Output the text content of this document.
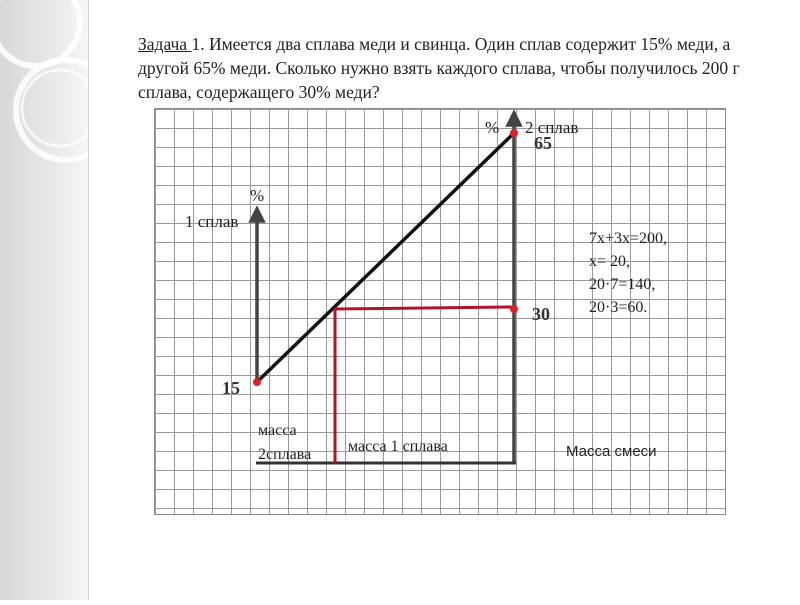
Задача 1. Имеется два сплава меди и свинца. Один сплав содержит 15% меди, а другой 65% меди. Сколько нужно взять каждого сплава, чтобы получилось 200 г сплава, содержащего 30% меди?
%
1 сплав
% 2 сплав
15
65
30
масса
2сплава масса 1 сплава	Масса смеси
7x+3x=200,
x= 20,
20·7=140,
20·3=60.
